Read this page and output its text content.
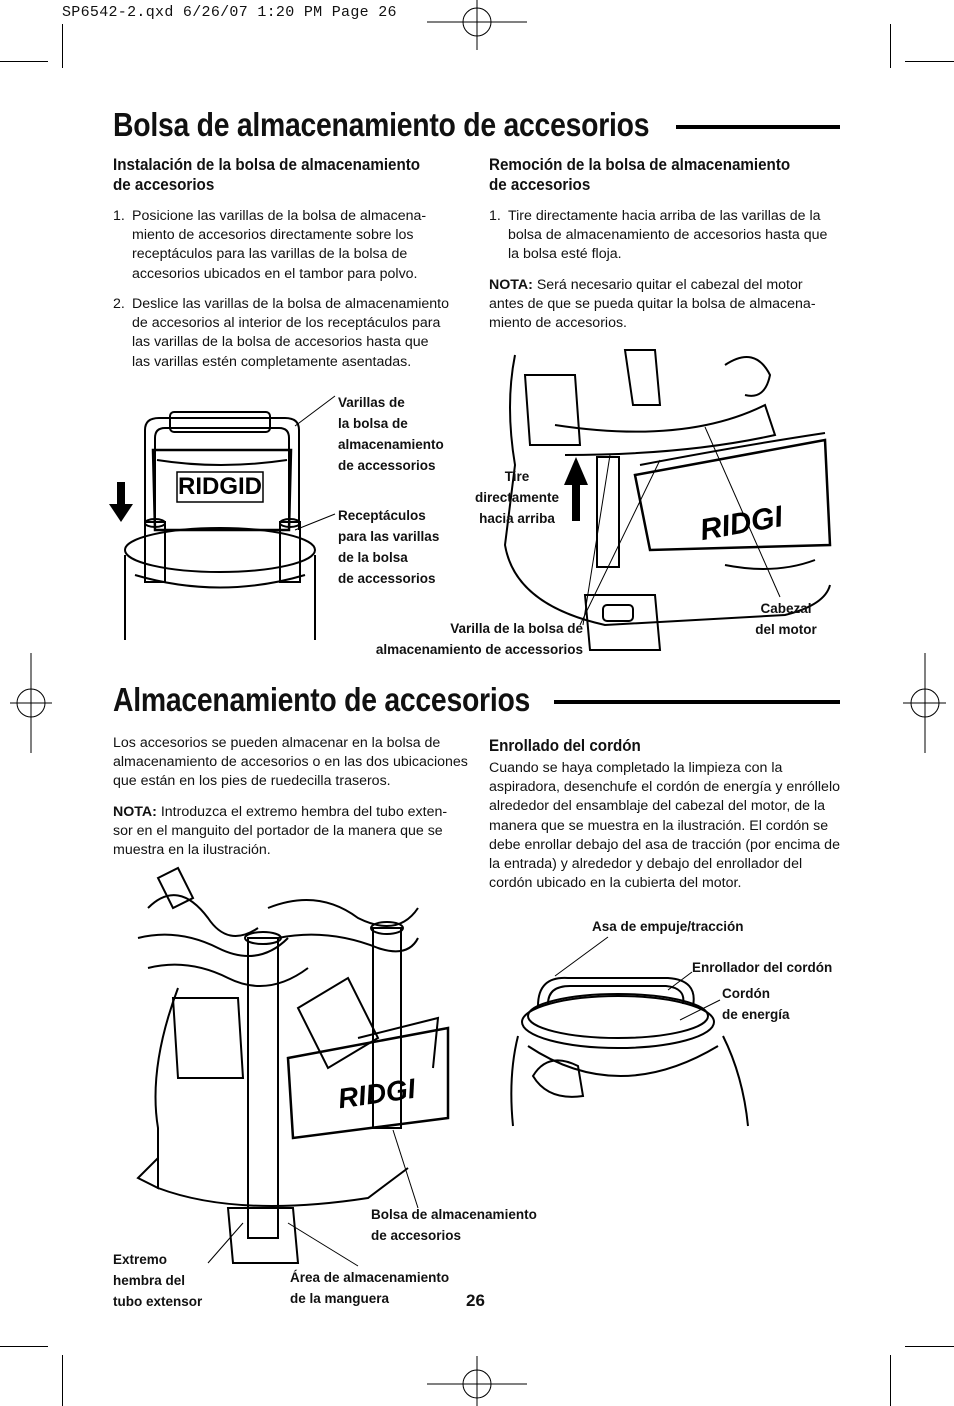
SP6542-2.qxd 6/26/07 1:20 PM Page 26
Bolsa de almacenamiento de accesorios
Instalación de la bolsa de almacenamiento
de accesorios
1. Posicione las varillas de la bolsa de almacena-
miento de accesorios directamente sobre los
receptáculos para las varillas de la bolsa de
accesorios ubicados en el tambor para polvo.
2. Deslice las varillas de la bolsa de almacenamiento
de accesorios al interior de los receptáculos para
las varillas de la bolsa de accesorios hasta que
las varillas estén completamente asentadas.
Remoción de la bolsa de almacenamiento
de accesorios
1. Tire directamente hacia arriba de las varillas de la
bolsa de almacenamiento de accesorios hasta que
la bolsa esté floja.
NOTA: Será necesario quitar el cabezal del motor
antes de que se pueda quitar la bolsa de almacena-
miento de accesorios.
RIDGID
Varillas de
la bolsa de
almacenamiento
de accessorios
Receptáculos
para las varillas
de la bolsa
de accessorios
RIDGI
Tire
directamente
hacia arriba
Varilla de la bolsa de
almacenamiento de accessorios
Cabezal
del motor
Almacenamiento de accesorios
Los accesorios se pueden almacenar en la bolsa de
almacenamiento de accesorios o en las dos ubicaciones
que están en los pies de ruedecilla traseros.
NOTA: Introduzca el extremo hembra del tubo exten-
sor en el manguito del portador de la manera que se
muestra en la ilustración.
Enrollado del cordón
Cuando se haya completado la limpieza con la
aspiradora, desenchufe el cordón de energía y enróllelo
alrededor del ensamblaje del cabezal del motor, de la
manera que se muestra en la ilustración. El cordón se
debe enrollar debajo del asa de tracción (por encima de
la entrada) y alrededor y debajo del enrollador del
cordón ubicado en la cubierta del motor.
RIDGI
Bolsa de almacenamiento
de accesorios
Extremo
hembra del
tubo extensor
Área de almacenamiento
de la manguera
Asa de empuje/tracción
Enrollador del cordón
Cordón
de energía
26
